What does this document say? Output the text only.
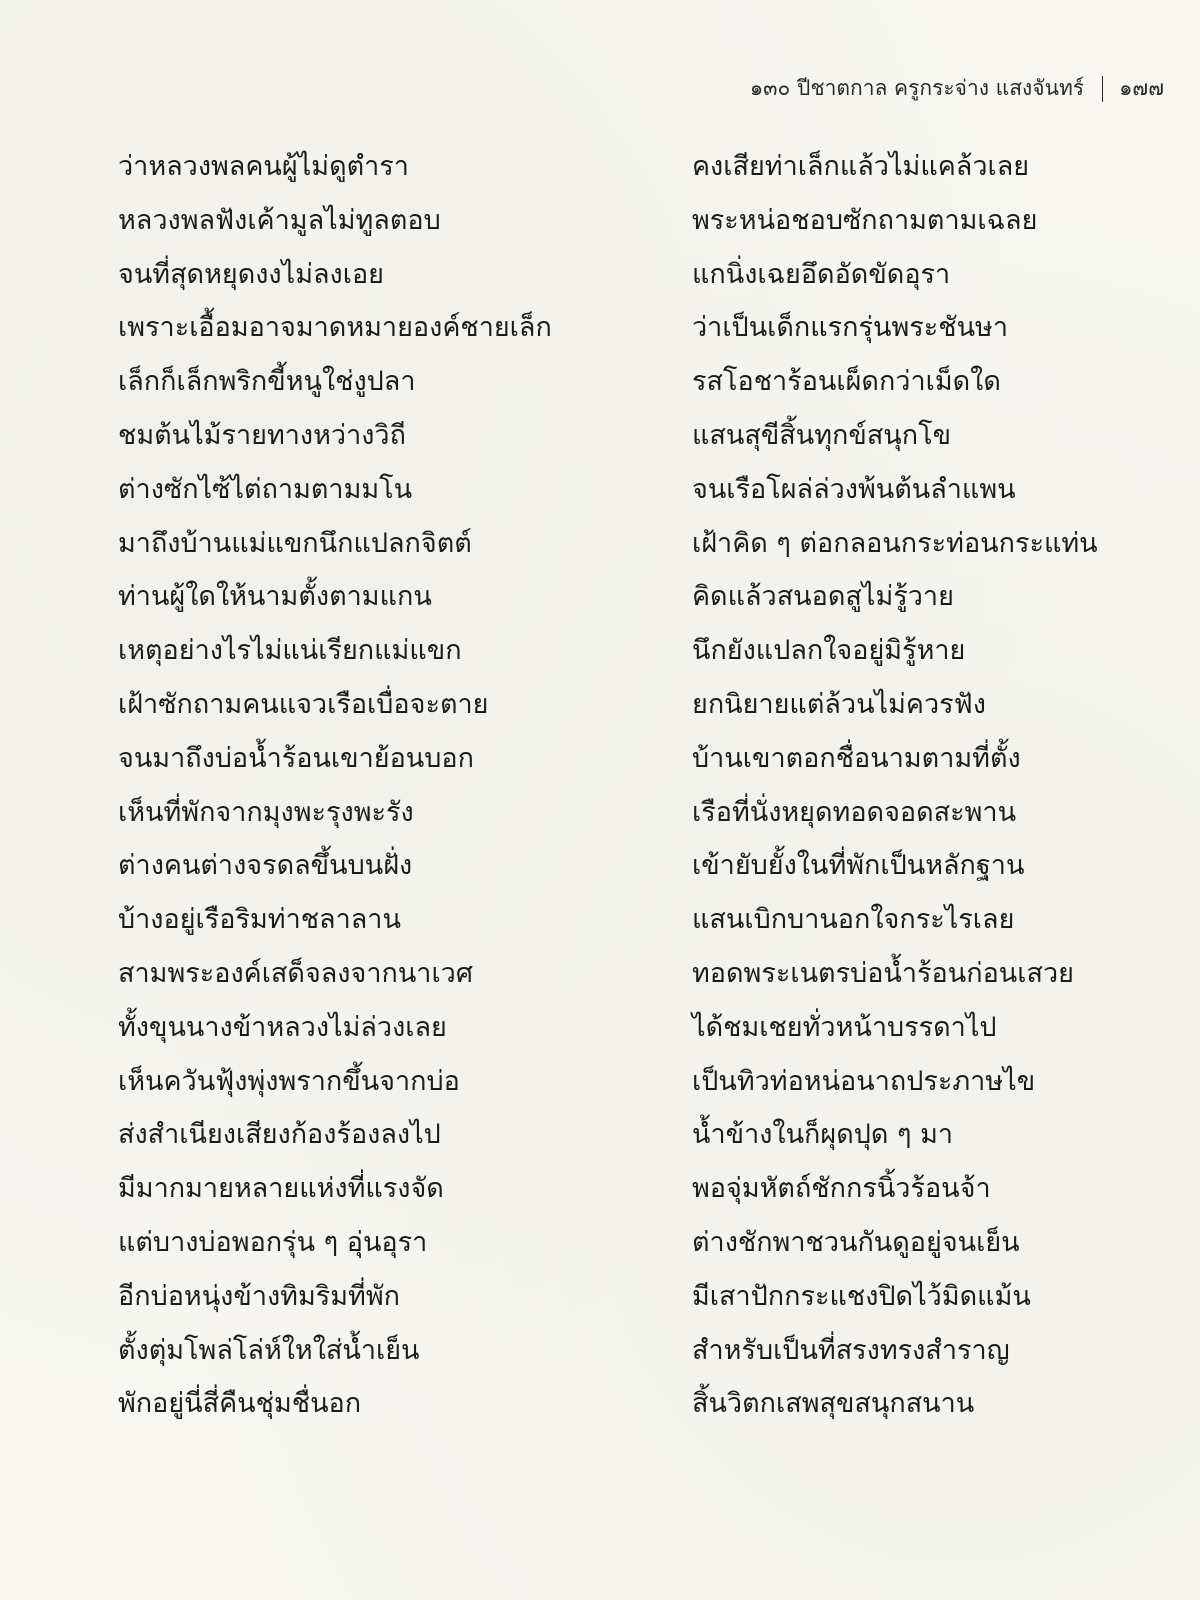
๑๓๐ ปีชาตกาล ครูกระจ่าง แสงจันทร์ ๑๗๗
ว่าหลวงพลคนผู้ไม่ดูตำรา	คงเสียท่าเล็กแล้วไม่แคล้วเลย
หลวงพลฟังเค้ามูลไม่ทูลตอบ	พระหน่อชอบซักถามตามเฉลย
จนที่สุดหยุดงงไม่ลงเอย	แกนิ่งเฉยอึดอัดขัดอุรา
เพราะเอื้อมอาจมาดหมายองค์ชายเล็ก	ว่าเป็นเด็กแรกรุ่นพระชันษา
เล็กก็เล็กพริกขี้หนูใช่งูปลา	รสโอชาร้อนเผ็ดกว่าเม็ดใด
ชมต้นไม้รายทางหว่างวิถี	แสนสุขีสิ้นทุกข์สนุกโข
ต่างซักไซ้ไต่ถามตามมโน	จนเรือโผล่ล่วงพ้นต้นลำแพน
มาถึงบ้านแม่แขกนึกแปลกจิตต์	เฝ้าคิด ๆ ต่อกลอนกระท่อนกระแท่น
ท่านผู้ใดให้นามตั้งตามแกน	คิดแล้วสนอดสูไม่รู้วาย
เหตุอย่างไรไม่แน่เรียกแม่แขก	นึกยังแปลกใจอยู่มิรู้หาย
เฝ้าซักถามคนแจวเรือเบื่อจะตาย	ยกนิยายแต่ล้วนไม่ควรฟัง
จนมาถึงบ่อน้ำร้อนเขาย้อนบอก	บ้านเขาตอกชื่อนามตามที่ตั้ง
เห็นที่พักจากมุงพะรุงพะรัง	เรือที่นั่งหยุดทอดจอดสะพาน
ต่างคนต่างจรดลขึ้นบนฝั่ง	เข้ายับยั้งในที่พักเป็นหลักฐาน
บ้างอยู่เรือริมท่าชลาลาน	แสนเบิกบานอกใจกระไรเลย
สามพระองค์เสด็จลงจากนาเวศ	ทอดพระเนตรบ่อน้ำร้อนก่อนเสวย
ทั้งขุนนางข้าหลวงไม่ล่วงเลย	ได้ชมเชยทั่วหน้าบรรดาไป
เห็นควันฟุ้งพุ่งพรากขึ้นจากบ่อ	เป็นทิวท่อหน่อนาถประภาษไข
ส่งสำเนียงเสียงก้องร้องลงไป	น้ำข้างในก็ผุดปุด ๆ มา
มีมากมายหลายแห่งที่แรงจัด	พอจุ่มหัตถ์ชักกรนิ้วร้อนจ้า
แต่บางบ่อพอกรุ่น ๆ อุ่นอุรา	ต่างชักพาชวนกันดูอยู่จนเย็น
อีกบ่อหนุ่งข้างทิมริมที่พัก	มีเสาปักกระแชงปิดไว้มิดแม้น
ตั้งตุ่มโพล่โล่ห์ใหใส่น้ำเย็น	สำหรับเป็นที่สรงทรงสำราญ
พักอยู่นี่สี่คืนชุ่มชื่นอก	สิ้นวิตกเสพสุขสนุกสนาน
